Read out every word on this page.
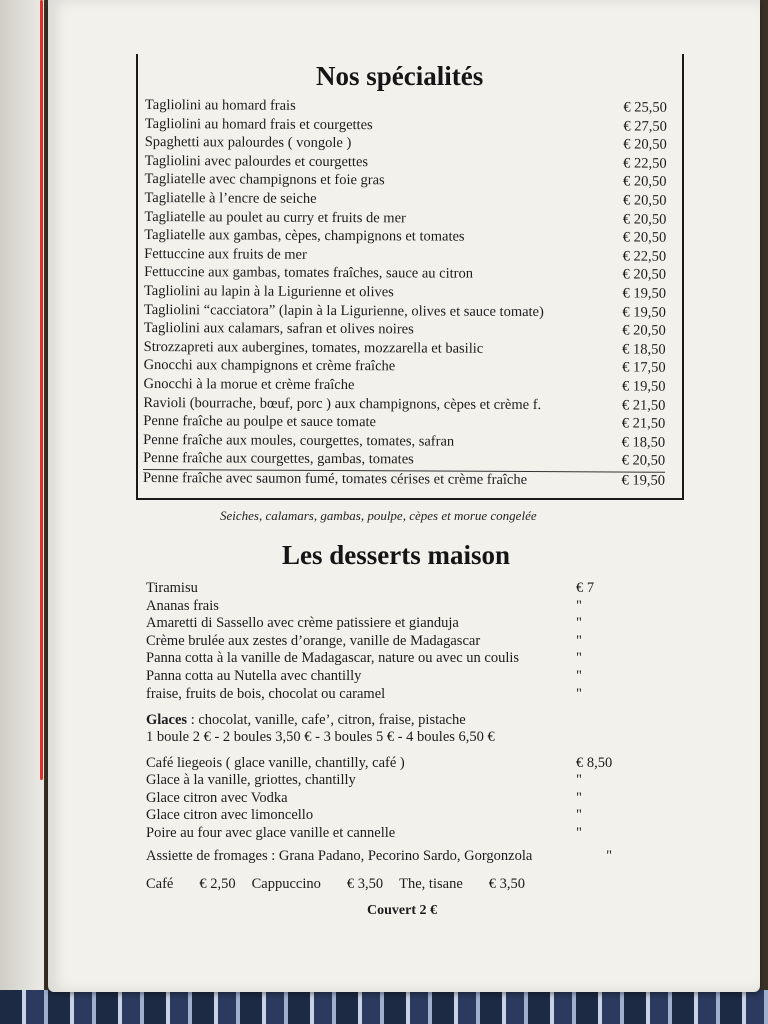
Nos spécialités
Tagliolini au homard frais	€ 25,50
Tagliolini au homard frais et courgettes	€ 27,50
Spaghetti aux palourdes ( vongole )	€ 20,50
Tagliolini avec palourdes et courgettes	€ 22,50
Tagliatelle avec champignons et foie gras	€ 20,50
Tagliatelle à l’encre de seiche	€ 20,50
Tagliatelle au poulet au curry et fruits de mer	€ 20,50
Tagliatelle aux gambas, cèpes, champignons et tomates	€ 20,50
Fettuccine aux fruits de mer	€ 22,50
Fettuccine aux gambas, tomates fraîches, sauce au citron	€ 20,50
Tagliolini au lapin à la Ligurienne et olives	€ 19,50
Tagliolini “cacciatora” (lapin à la Ligurienne, olives et sauce tomate)	€ 19,50
Tagliolini aux calamars, safran et olives noires	€ 20,50
Strozzapreti aux aubergines, tomates, mozzarella et basilic	€ 18,50
Gnocchi aux champignons et crème fraîche	€ 17,50
Gnocchi à la morue et crème fraîche	€ 19,50
Ravioli (bourrache, bœuf, porc ) aux champignons, cèpes et crème f.	€ 21,50
Penne fraîche au poulpe et sauce tomate	€ 21,50
Penne fraîche aux moules, courgettes, tomates, safran	€ 18,50
Penne fraîche aux courgettes, gambas, tomates	€ 20,50
Penne fraîche avec saumon fumé, tomates cérises et crème fraîche	€ 19,50
Seiches, calamars, gambas, poulpe, cèpes et morue congelée
Les desserts maison
Tiramisu	€ 7
Ananas frais	"
Amaretti di Sassello avec crème patissiere et gianduja	"
Crème brulée aux zestes d’orange, vanille de Madagascar	"
Panna cotta à la vanille de Madagascar, nature ou avec un coulis	"
Panna cotta au Nutella avec chantilly	"
fraise, fruits de bois, chocolat ou caramel	"
Glaces : chocolat, vanille, cafe’, citron, fraise, pistache
1 boule 2 € - 2 boules 3,50 € - 3 boules 5 € - 4 boules 6,50 €
Café liegeois ( glace vanille, chantilly, café )	€ 8,50
Glace à la vanille, griottes, chantilly	"
Glace citron avec Vodka	"
Glace citron avec limoncello	"
Poire au four avec glace vanille et cannelle	"
Assiette de fromages : Grana Padano, Pecorino Sardo, Gorgonzola	"
Café € 2,50 Cappuccino € 3,50 The, tisane € 3,50
Couvert 2 €
